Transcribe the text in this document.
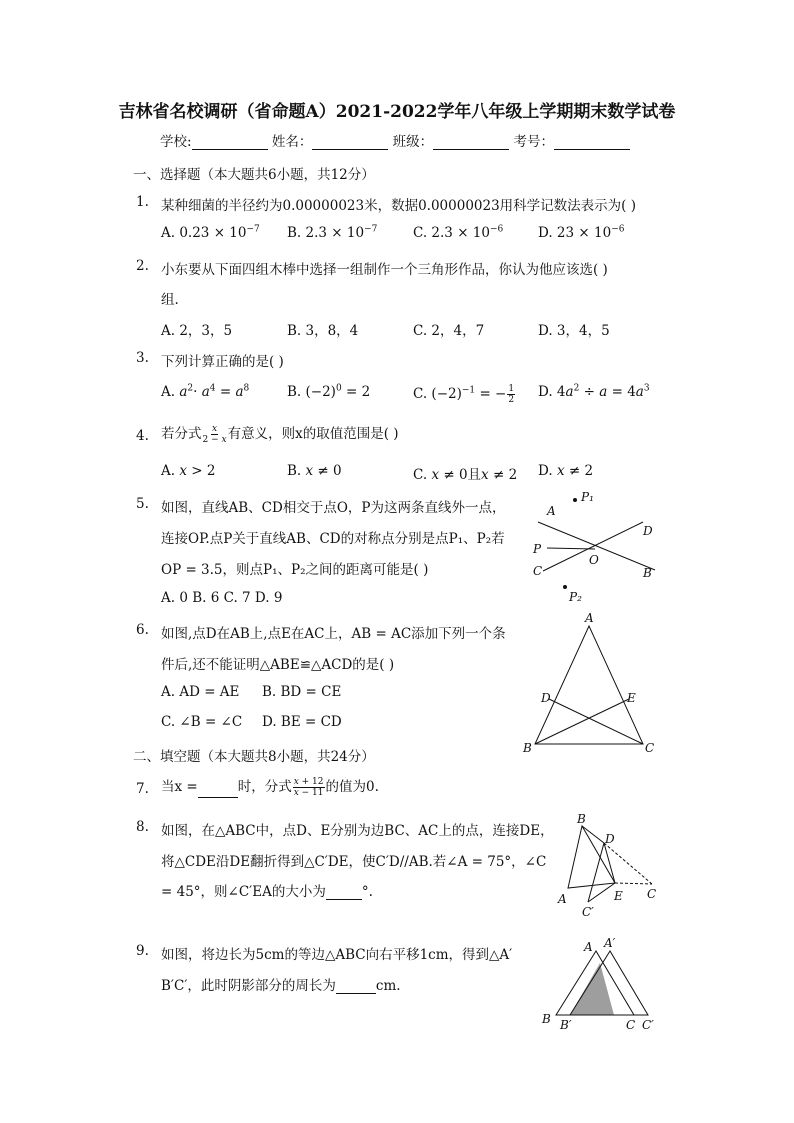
吉林省名校调研（省命题A）2021-2022学年八年级上学期期末数学试卷
学校:	姓名：	班级：	考号：
一、选择题（本大题共6小题，共12分）
1. 某种细菌的半径约为0.00000023米，数据0.00000023用科学记数法表示为( )
A. $0.23 \times 10^{-7}$ B. $2.3 \times 10^{-7}$	C. $2.3 \times 10^{-6}$	D. $23 \times 10^{-6}$
2. 小东要从下面四组木棒中选择一组制作一个三角形作品，你认为他应该选( )
组.
A. 2，3，5	B. 3，8，4	C. 2，4，7	D. 3，4，5
3. 下列计算正确的是( )
A. $a^2\cdot a^4 = a^8$	B. $(-2)^0 = 2$	C. $(-2)^{-1}$ = − $\frac{1}{2} D$. $4a^2 \div a = 4a^3$
4. 若分式 $\frac{x}{2 - x}$ 有意义，则x的取值范围是( )
A. x > 2	B. x ≠ 0	C. x ≠ 0且x ≠ 2 D. x ≠ 2
5. 如图，直线AB、CD相交于点O，P为这两条直线外一点，
连接OP.点P关于直线AB、CD的对称点分别是点P₁、P₂若
OP = 3.5，则点P₁、P₂之间的距离可能是( )
A. 0 B. 6 C. 7 D. 9
A
B
C
D
O
P
P₁
P₂
6. 如图,点D在AB上,点E在AC上，AB = AC添加下列一个条
件后,还不能证明△ABE≌△ACD的是( )
A. AD = AE B. BD = CE
C. ∠B = ∠C D. BE = CD
A
B	C
D	E
二、填空题（本大题共8小题，共24分）
7. 当x =	时，分式 $\frac{x + 12}{x - 11}$ 的值为0.
8. 如图，在△ABC中，点D、E分别为边BC、AC上的点，连接DE，
将△CDE沿DE翻折得到△C′DE，使C′D//AB.若∠A = 75°，∠C
= 45°，则∠C′EA的大小为	°.
B
D
A	E C
C′
9. 如图，将边长为5cm的等边△ABC向右平移1cm，得到△A′
B′C′，此时阴影部分的周长为	cm.
A A′
B B′	C C′
